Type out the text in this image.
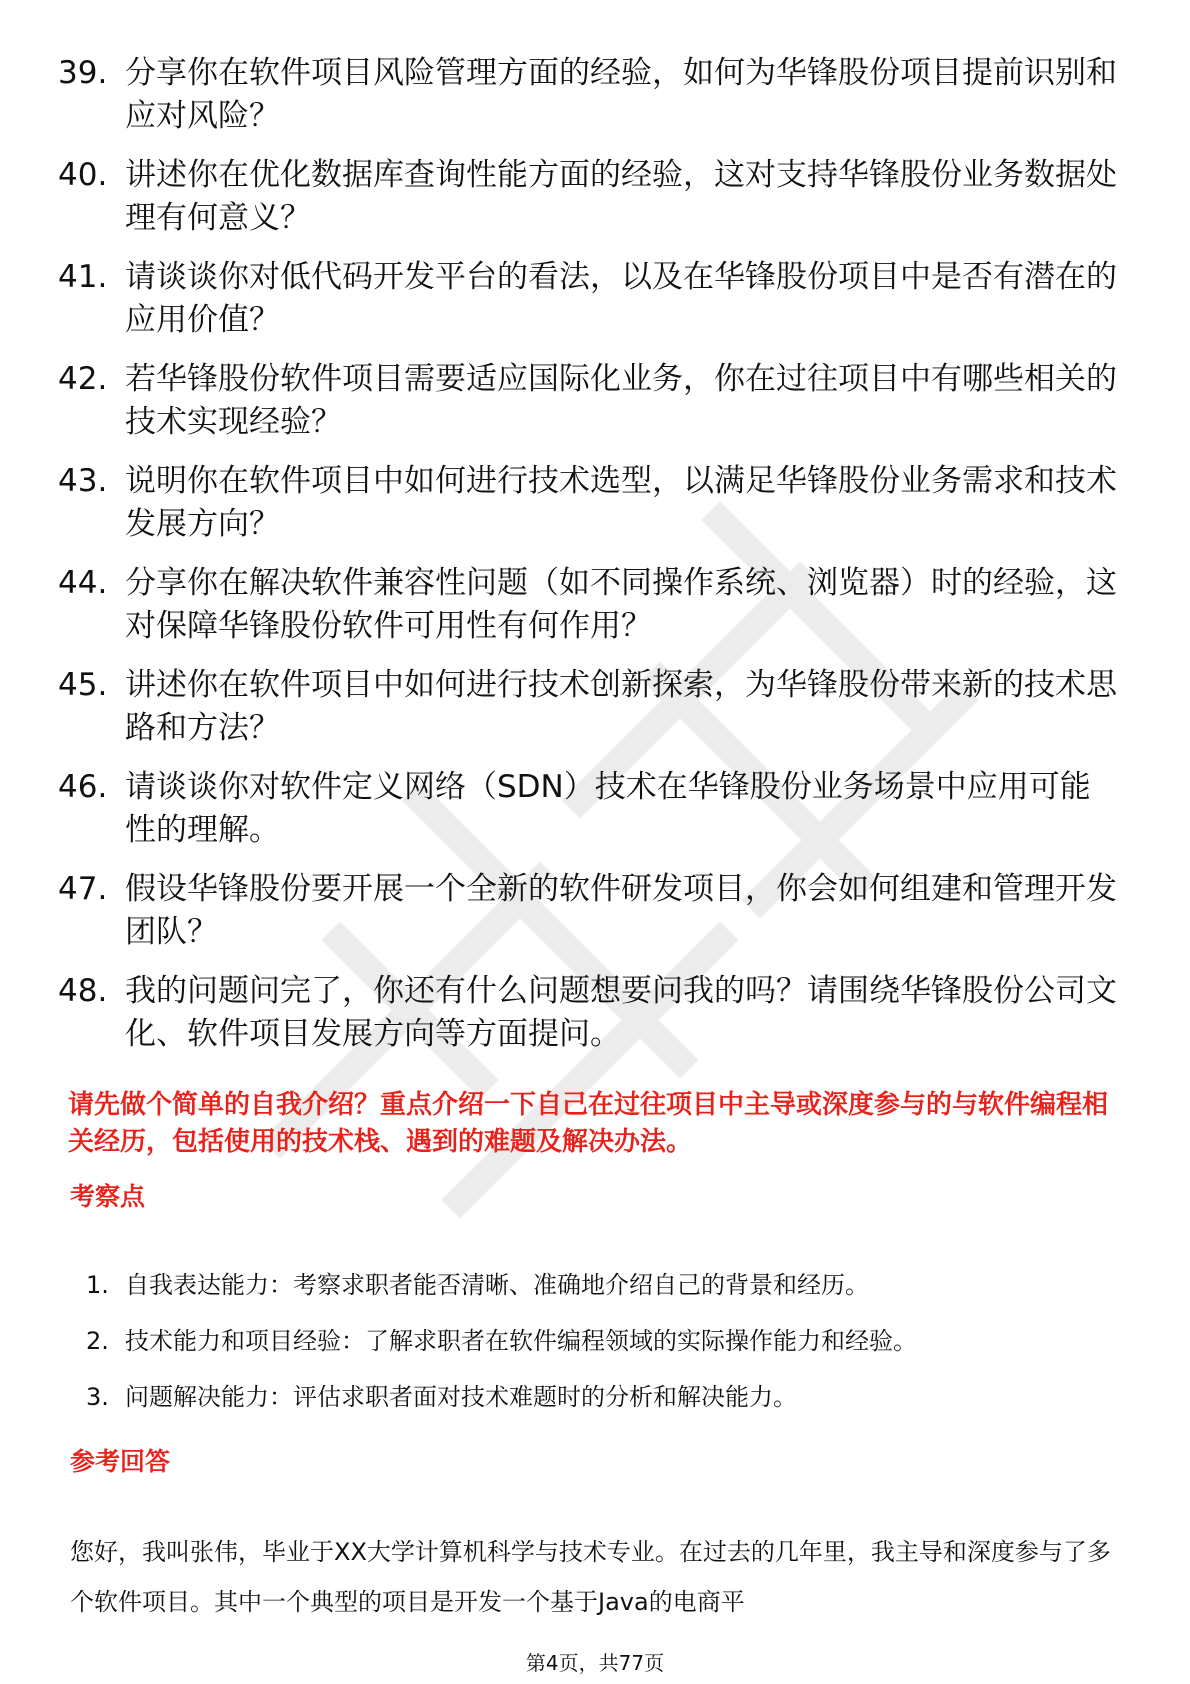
39. 分享你在软件项目风险管理方面的经验，如何为华锋股份项目提前识别和应对风险？
40. 讲述你在优化数据库查询性能方面的经验，这对支持华锋股份业务数据处理有何意义？
41. 请谈谈你对低代码开发平台的看法，以及在华锋股份项目中是否有潜在的应用价值？
42. 若华锋股份软件项目需要适应国际化业务，你在过往项目中有哪些相关的技术实现经验？
43. 说明你在软件项目中如何进行技术选型，以满足华锋股份业务需求和技术发展方向？
44. 分享你在解决软件兼容性问题（如不同操作系统、浏览器）时的经验，这对保障华锋股份软件可用性有何作用？
45. 讲述你在软件项目中如何进行技术创新探索，为华锋股份带来新的技术思路和方法？
46. 请谈谈你对软件定义网络（SDN）技术在华锋股份业务场景中应用可能性的理解。
47. 假设华锋股份要开展一个全新的软件研发项目，你会如何组建和管理开发团队？
48. 我的问题问完了，你还有什么问题想要问我的吗？请围绕华锋股份公司文化、软件项目发展方向等方面提问。

请先做个简单的自我介绍？重点介绍一下自己在过往项目中主导或深度参与的与软件编程相关经历，包括使用的技术栈、遇到的难题及解决办法。

考察点
1. 自我表达能力：考察求职者能否清晰、准确地介绍自己的背景和经历。
2. 技术能力和项目经验：了解求职者在软件编程领域的实际操作能力和经验。
3. 问题解决能力：评估求职者面对技术难题时的分析和解决能力。
参考回答

您好，我叫张伟，毕业于XX大学计算机科学与技术专业。在过去的几年里，我主导和深度参与了多个软件项目。其中一个典型的项目是开发一个基于Java的电商平

第4页，共77页
